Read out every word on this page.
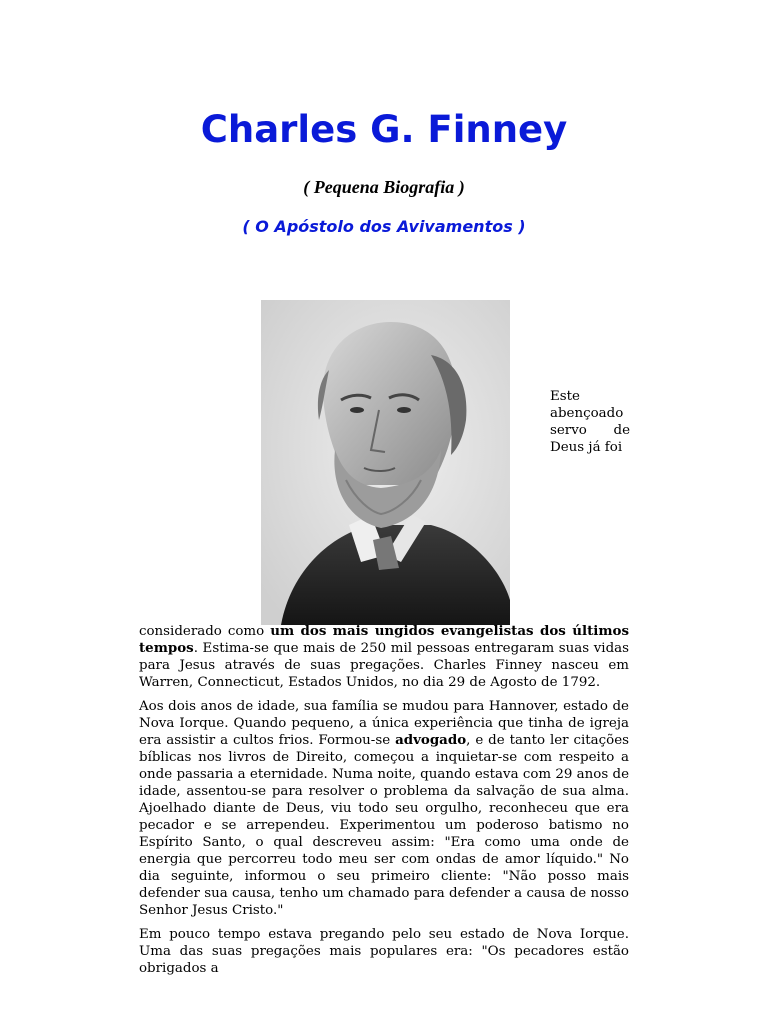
Charles G. Finney

( Pequena Biografia )

( O Apóstolo dos Avivamentos )

Este abençoado servo de Deus já foi

considerado como um dos mais ungidos evangelistas dos últimos tempos. Estima-se que mais de 250 mil pessoas entregaram suas vidas para Jesus através de suas pregações. Charles Finney nasceu em Warren, Connecticut, Estados Unidos, no dia 29 de Agosto de 1792.

Aos dois anos de idade, sua família se mudou para Hannover, estado de Nova Iorque. Quando pequeno, a única experiência que tinha de igreja era assistir a cultos frios. Formou-se advogado, e de tanto ler citações bíblicas nos livros de Direito, começou a inquietar-se com respeito a onde passaria a eternidade. Numa noite, quando estava com 29 anos de idade, assentou-se para resolver o problema da salvação de sua alma. Ajoelhado diante de Deus, viu todo seu orgulho, reconheceu que era pecador e se arrependeu. Experimentou um poderoso batismo no Espírito Santo, o qual descreveu assim: "Era como uma onde de energia que percorreu todo meu ser com ondas de amor líquido." No dia seguinte, informou o seu primeiro cliente: "Não posso mais defender sua causa, tenho um chamado para defender a causa de nosso Senhor Jesus Cristo."

Em pouco tempo estava pregando pelo seu estado de Nova Iorque. Uma das suas pregações mais populares era: "Os pecadores estão obrigados a
